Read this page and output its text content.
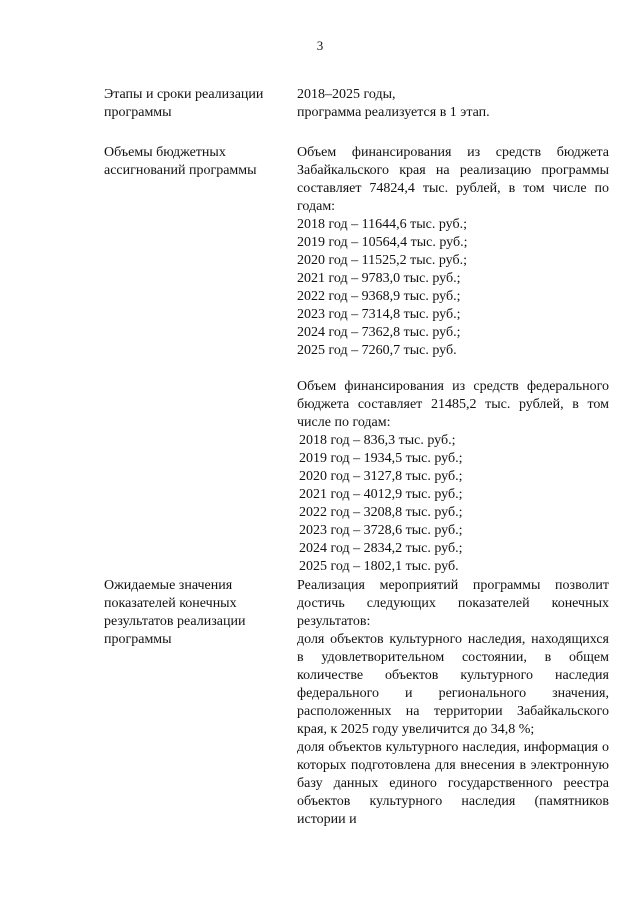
3
Этапы и сроки реализации программы
2018–2025 годы,
программа реализуется в 1 этап.
Объемы бюджетных ассигнований программы

Объем финансирования из средств бюджета Забайкальского края на реализацию программы составляет 74824,4 тыс. рублей, в том числе по годам:

2018 год – 11644,6 тыс. руб.;
2019 год – 10564,4 тыс. руб.;
2020 год – 11525,2 тыс. руб.;
2021 год – 9783,0 тыс. руб.;
2022 год – 9368,9 тыс. руб.;
2023 год – 7314,8 тыс. руб.;
2024 год – 7362,8 тыс. руб.;
2025 год – 7260,7 тыс. руб.

Объем финансирования из средств федерального бюджета составляет 21485,2 тыс. рублей, в том числе по годам:

2018 год – 836,3 тыс. руб.;
2019 год – 1934,5 тыс. руб.;
2020 год – 3127,8 тыс. руб.;
2021 год – 4012,9 тыс. руб.;
2022 год – 3208,8 тыс. руб.;
2023 год – 3728,6 тыс. руб.;
2024 год – 2834,2 тыс. руб.;
2025 год – 1802,1 тыс. руб.
Ожидаемые значения показателей конечных результатов реализации программы

Реализация мероприятий программы позволит достичь следующих показателей конечных результатов:

доля объектов культурного наследия, находящихся в удовлетворительном состоянии, в общем количестве объектов культурного наследия федерального и регионального значения, расположенных на территории Забайкальского края, к 2025 году увеличится до 34,8 %;

доля объектов культурного наследия, информация о которых подготовлена для внесения в электронную базу данных единого государственного реестра объектов культурного наследия (памятников истории и
